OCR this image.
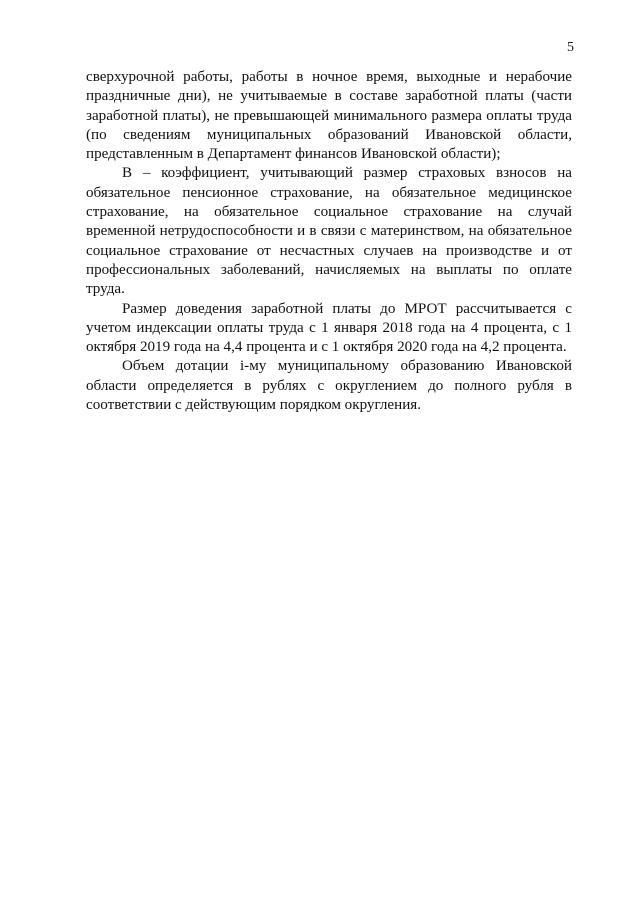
5

сверхурочной работы, работы в ночное время, выходные и нерабочие праздничные дни), не учитываемые в составе заработной платы (части заработной платы), не превышающей минимального размера оплаты труда (по сведениям муниципальных образований Ивановской области, представленным в Департамент финансов Ивановской области);

В – коэффициент, учитывающий размер страховых взносов на обязательное пенсионное страхование, на обязательное медицинское страхование, на обязательное социальное страхование на случай временной нетрудоспособности и в связи с материнством, на обязательное социальное страхование от несчастных случаев на производстве и от профессиональных заболеваний, начисляемых на выплаты по оплате труда.

Размер доведения заработной платы до МРОТ рассчитывается с учетом индексации оплаты труда с 1 января 2018 года на 4 процента, с 1 октября 2019 года на 4,4 процента и с 1 октября 2020 года на 4,2 процента.

Объем дотации i-му муниципальному образованию Ивановской области определяется в рублях с округлением до полного рубля в соответствии с действующим порядком округления.
